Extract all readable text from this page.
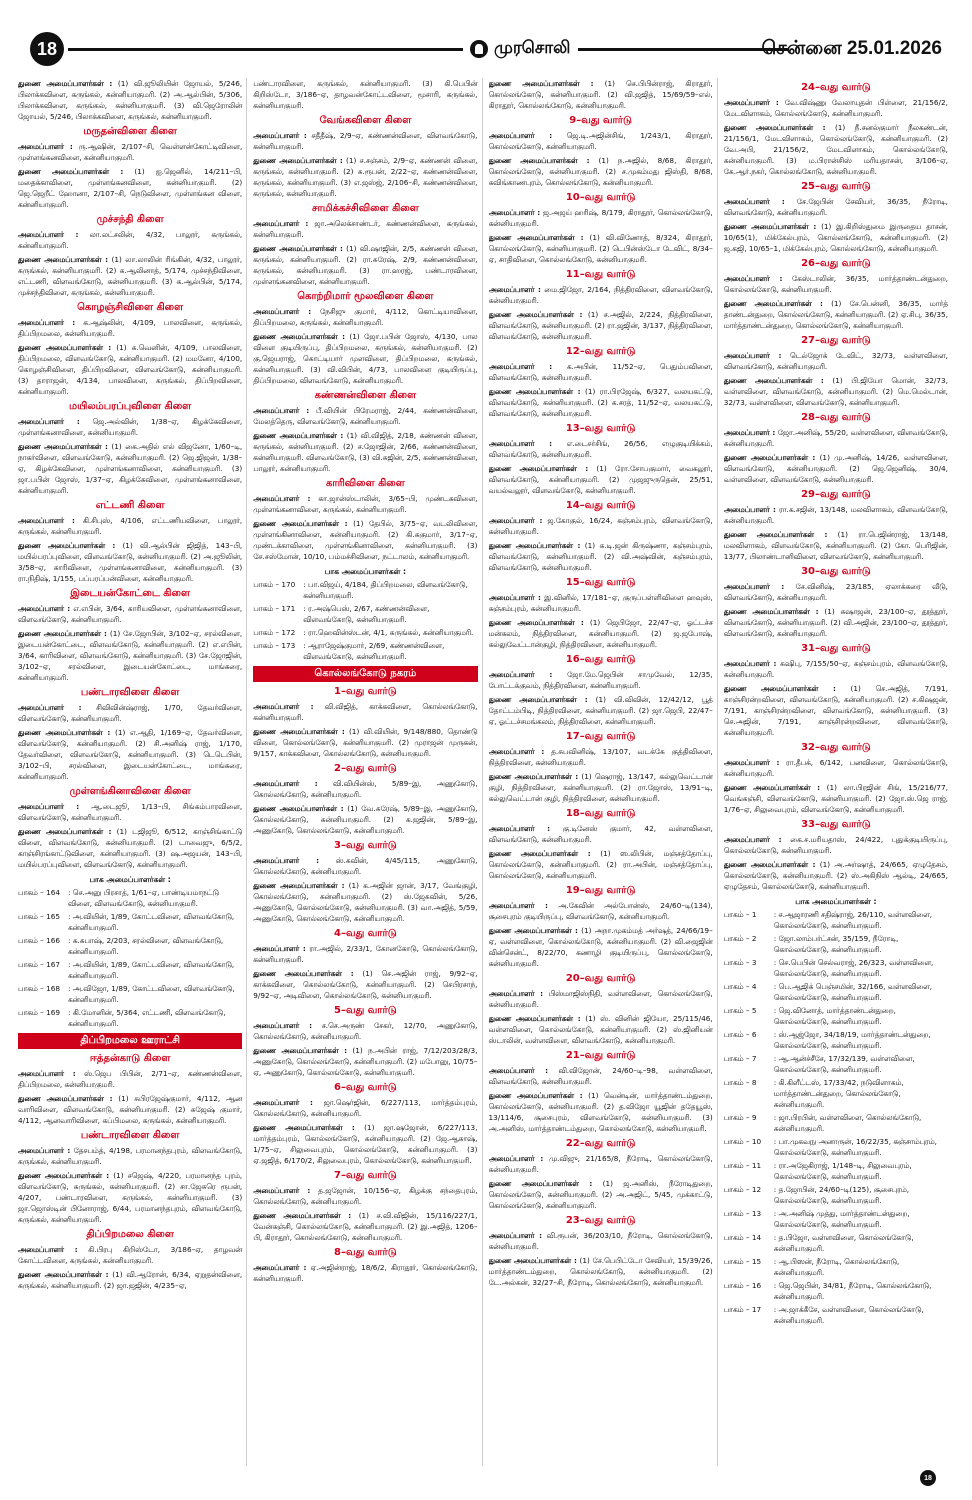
18	முரசொலி	சென்னை 25.01.2026
துணை அமைப்பாளர்கள் : (1) வி.ஜூலியின் ஜோயல், 5/246, பிலாக்கவிளை, கருங்கல், கன்னியாகுமரி. (2) அ.ஆல்பின், 5/306, பிலாக்கவிளை, கருங்கல், கன்னியாகுமரி. (3) வி.ஜெரோலின் ஜோயல், 5/246, பிலாக்கவிளை, கருங்கல், கன்னியாகுமரி.
மருதன்விளை கிளை
அமைப்பாளர் : ரு.ஆஷின், 2/107–சி, வெள்ளன்கோட்டிவிளை, முள்ளங்கனவிளை, கன்னியாகுமரி.
துணை அமைப்பாளர்கள் : (1) ஐ.ஜெனில், 14/211–பி, மதைக்காவிளை, முள்ளங்கனவிளை, கன்னியாகுமரி. (2) ஜெ.ஜெறீட் ஹோனா, 2/107–சி, நெடுவிளை, முள்ளங்கன விளை, கன்னியாகுமரி.
முச்சந்தி கிளை
அமைப்பாளர் : லா.லட்சலின், 4/32, பாலூர், கருங்கல், கன்னியாகுமரி.
துணை அமைப்பாளர்கள் : (1) லா.லாலின் ரிங்கின், 4/32, பாலூர், கருங்கல், கன்னியாகுமரி. (2) க.ஆலினாத், 5/174, முச்சந்திவிளை, எட்டணி, விளவங்கோடு, கன்னியாகுமரி. (3) க.ஆல்பின், 5/174, முச்சந்திவிளை, கருங்கல், கன்னியாகுமரி.
கொழஞ்சிவிளை கிளை
அமைப்பாளர் : க.ஆஷ்லின், 4/109, பாலவிளை, கருங்கல், திப்பிறமலை, கன்னியாகுமரி.
துணை அமைப்பாளர்கள் : (1) க.வெனின், 4/109, பாலவிளை, திப்பிறமலை, விளவங்கோடு, கன்னியாகுமரி. (2) மமனோ, 4/100, கொழஞ்சிவிளை, திப்பிறவிளை, விளவங்கோடு, கன்னியாகுமரி. (3) தாராஜன், 4/134, பாலவிளை, கருங்கல், திப்பிறவிளை, கன்னியாகுமரி.
மயிலம்பரப்புவிளை கிளை
அமைப்பாளர் : ஜெ.அல்வின், 1/38–ஏ, கிழக்கேவிளை, முள்ளங்கனாவிளை, கன்னியாகுமரி.
துணை அமைப்பாளர்கள் : (1) கை.அதில் எல் விஜனோ, 1/60–டி, நாகர்விளை, விளவங்கோடு, கன்னியாகுமரி. (2) ஜெ.ஜிஜன், 1/38–ஏ, கிழக்கேவிளை, முள்ளங்கனாவிளை, கன்னியாகுமரி. (3) ஜா.பபின் ஜோஸ், 1/37–ஏ, கிழக்கேவிளை, முள்ளங்கனாவிளை, கன்னியாகுமரி.
எட்டணி கிளை
அமைப்பாளர் : கி.சிபுஸ், 4/106, எட்டணியவிளை, பாலூர், கருங்கல், கன்னியாகுமரி.
துணை அமைப்பாளர்கள் : (1) வி.ஆல்பின் ஜிஜித், 143–பி, மயில்பரப்புவிளை, விளவங்கோடு, கன்னியாகுமரி. (2) அ.ஜூலின், 3/58–ஏ, காரிவிளை, முள்ளங்கனாவிளை, கன்னியாகுமரி. (3) ரா.நிதிஷ், 1/155, பப்பரப்பன்விளை, கன்னியாகுமரி.
இடையன்கோட்டை கிளை
அமைப்பாளர் : எ.எபின், 3/64, காரியவிளை, முள்ளங்கனாவிளை, விளவங்கோடு, கன்னியாகுமரி.
துணை அமைப்பாளர்கள் : (1) சே.ஜோபின், 3/102–ஏ, சரல்விளை, இடையன்கோட்டை, விளவங்கோடு, கன்னியாகுமரி. (2) எ.எபின், 3/64, காரிவிளை, விளவங்கோடு, கன்னியாகுமரி. (3) சே.ஜோஜின், 3/102–ஏ, சரல்விளை, இடையன்கோட்டை, மாங்கரை, கன்னியாகுமரி.
பண்டாரவிளை கிளை
அமைப்பாளர் : சிவிவின்ஷ்ராஜ், 1/70, தேவர்விளை, விளவங்கோடு, கன்னியாகுமரி.
துணை அமைப்பாளர்கள் : (1) எ.ஆதி, 1/169–ஏ, தேவர்விளை, விளவங்கோடு, கன்னியாகுமரி. (2) சி.அனிஷ் ராஜ், 1/170, தேவர்விளை, விளவங்கோடு, கன்னியாகுமரி. (3) டெடெபின், 3/102–பி, சரல்விளை, இடையன்கோட்டை, மாங்கரை, கன்னியாகுமரி.
முள்ளங்கினாவிளை கிளை
அமைப்பாளர் : ஆ.டைஜூ, 1/13–பி, சிங்கம்பாரவிளை, விளவங்கோடு, கன்னியாகுமரி.
துணை அமைப்பாளர்கள் : (1) டஜிஜூ, 6/512, காஞ்சிங்காட்டு விளை, விளவங்கோடு, கன்னியாகுமரி. (2) டாவைஜு, 6/5/2, காஞ்சிரங்காட்டுவிளை, கன்னியாகுமரி. (3) ஷ.அஜயன், 143–பி, மயில்பரப்புவிளை, விளவங்கோடு, கன்னியாகுமரி.
பாக அமைப்பாளர்கள் :
பாகம் – 164	: செ.அனு பிரசாத், 1/61–ஏ, பாண்டியமாநட்டு விளை, விளவங்கோடு, கன்னியாகுமரி.
பாகம் – 165	: அ.வியின், 1/89, கோட்டவிளை, விளவங்கோடு, கன்னியாகுமரி.
பாகம் – 166	: க.கபாஷ், 2/203, சரல்விளை, விளவங்கோடு, கன்னியாகுமரி.
பாகம் – 167	: அ.வியின், 1/89, கோட்டவிளை, விளவங்கோடு, கன்னியாகுமரி.
பாகம் – 168	: அ.விஜோ, 1/89, கோட்டவிளை, விளவங்கோடு, கன்னியாகுமரி.
பாகம் – 169	: கி.மோனின், 5/364, எட்டணி, விளவங்கோடு, கன்னியாகுமரி.
திப்பிறமலை ஊராட்சி
ஈத்தன்காடு கிளை
அமைப்பாளர் : ஸ்.ஜெப பிபின், 2/71–ஏ, கண்ணன்விளை, திப்பிறமலை, கன்னியாகுமரி.
துணை அமைப்பாளர்கள் : (1) சுபிரஜேஷ்குமார், 4/112, ஆன வாரிவிளை, விளவங்கோடு, கன்னியாகுமரி. (2) சுஜேஷ் குமார், 4/112, ஆனவாரிவிளை, கப்பிமலை, கருங்கல், கன்னியாகுமரி.
பண்டாரவிளை கிளை
அமைப்பாளர் : தேசபம்த், 4/198, பரமானந்தபுரம், விளவங்கோடு, கருங்கல், கன்னியாகுமரி.
துணை அமைப்பாளர்கள் : (1) சஜெஷ், 4/220, பரமானந்த புரம், விளவங்கோடு, கருங்கல், கன்னியாகுமரி. (2) சா.ஜேசுரெ ரூபன், 4/207, பண்டாரவிளை, கருங்கல், கன்னியாகுமரி. (3) ஜா.ஜொஸ்டின் பினோராஜ், 6/44, பரமானந்தபுரம், விளவங்கோடு, கருங்கல், கன்னியாகுமரி.
திப்பிறமலை கிளை
அமைப்பாளர் : கி.பிரபு கிறிஸ்டோ, 3/186–ஏ, தாழவன் கோட்டவிளை, கருங்கல், கன்னியாகுமரி.
துணை அமைப்பாளர்கள் : (1) வி.ஆரோன், 6/34, ஏறுதன்விளை, கருங்கல், கன்னியாகுமரி. (2) ஜா.ஜஜின், 4/235–ஏ,
பண்டாரவிளை, கருங்கல், கன்னியாகுமரி. (3) கி.பெபின் கிறிஸ்டோ, 3/186–ஏ, தாழவன்கோட்டவிளை, மூசாரி, கருங்கல், கன்னியாகுமரி.
வேங்கவிளை கிளை
அமைப்பாளர் : சதீதீஷ், 2/9–ஏ, கண்ணன்விளை, விளவங்கோடு, கன்னியாகுமரி.
துணை அமைப்பாளர்கள் : (1) ச.சஞ்சம், 2/9–ஏ, கண்ணன் விளை, கருங்கல், கன்னியாகுமரி. (2) சு.ரூபன், 2/22–ஏ, கண்ணன்விளை, கருங்கல், கன்னியாகுமரி. (3) எ.ஜஸ்ஜ், 2/106–சி, கண்ணன்விளை, கருங்கல், கன்னியாகுமரி.
சாமிக்கச்சிவிளை கிளை
அமைப்பாளர் : ஜா.அலெக்சாண்டர், கண்ணன்விளை, கருங்கல், கன்னியாகுமரி.
துணை அமைப்பாளர்கள் : (1) வி.ஷாஜின், 2/5, கண்ணன் விளை, கருங்கல், கன்னியாகுமரி. (2) ரா.சுரேஷ், 2/9, கண்ணன்விளை, கருங்கல், கன்னியாகுமரி. (3) ரா.ஹரஜ், பண்டாரவிளை, முள்ளங்கனவிளை, கன்னியாகுமரி.
கொற்றிமார் மூலவிளை கிளை
அமைப்பாளர் : நேசிஜு குமார், 4/112, கொட்டியாவிளை, திப்பிறமலை, கருங்கல், கன்னியாகுமரி.
துணை அமைப்பாளர்கள் : (1) ஜோ.பபின் ஜோஸ், 4/130, பால விளை குடியிருப்பு, திப்பிறமலை, கருங்கல், கன்னியாகுமரி. (2) கு.ஜெயராஜ், கொட்டியார் முளவிளை, திப்பிறமலை, கருங்கல், கன்னியாகுமரி. (3) வி.விபின், 4/73, பாலவிளை குடியிருப்பு, திப்பிறமலை, விளவங்கோடு, கன்னியாகுமரி.
கண்ணன்விளை கிளை
அமைப்பாளர் : பீ.வியின் பிரேமராஜ், 2/44, கண்ணன்விளை, மேலத்தெரு, விளவங்கோடு, கன்னியாகுமரி.
துணை அமைப்பாளர்கள் : (1) வி.விஜித், 2/18, கண்ணன் விளை, கருங்கல், கன்னியாகுமரி. (2) ச.ஜோஜின், 2/66, கண்ணன்விளை, கன்னியாகுமரி. விளவங்கோடு, (3) வி.சுஜின், 2/5, கண்ணன்விளை, பாலூர், கன்னியாகுமரி.
காரிவிளை கிளை
அமைப்பாளர் : கா.ஜான்ஸ்டாலின், 3/65–பி, முண்டகவிளை, முள்ளங்கனாவிளை, கருங்கல், கன்னியாகுமரி.
துணை அமைப்பாளர்கள் : (1) தேபில், 3/75–ஏ, வடலிவிளை, முள்ளங்கினாவிளை, கன்னியாகுமரி. (2) கி.சுகுமார், 3/17–ஏ, முண்டக்காவிளை, முள்ளங்கினாவிளை, கன்னியாகுமரி. (3) சே.சஸ்மோன், 10/10, பம்மச்சிவிளை, நட்டாலம், கன்னியாகுமரி.
பாக அமைப்பாளர்கள் :
பாகம் – 170	: பா.விஜய், 4/184, திப்பிறமலை, விளவங்கோடு, கன்னியாகுமரி.
பாகம் – 171	: ர.அஷ்பெஸ், 2/67, கண்ணன்விளை, விளவங்கோடு, கன்னியாகுமரி.
பாகம் – 172	: ரா.ஹெவின்ஸ்டன், 4/1, கருங்கல், கன்னியாகுமரி.
பாகம் – 173	: ஆராஜேஷ்குமார், 2/69, கண்ணன்விளை, விளவங்கோடு, கன்னியாகுமரி.
கொல்லங்கோடு நகரம்
1–வது வார்டு
அமைப்பாளர் : வி.விஜித், காக்கவிளை, கொல்லங்கோடு, கன்னியாகுமரி.
துணை அமைப்பாளர்கள் : (1) வி.வியின், 9/148/880, தொண்டு விளை, கொல்லங்கோடு, கன்னியாகுமரி. (2) முராஜன் முருகன், 9/157, காக்கவிளை, கொல்லங்கோடு, கன்னியாகுமரி.
2–வது வார்டு
அமைப்பாளர் : வி.வியின்ஸ், 5/89–இ, அணுகோடு, கொல்லங்கோடு, கன்னியாகுமரி.
துணை அமைப்பாளர்கள் : (1) வே.சுரேஷ், 5/89–இ, அணுகோடு, கொல்லங்கோடு, கன்னியாகுமரி. (2) க.ஜஜின், 5/89–இ, அணுகோடு, கொல்லங்கோடு, கன்னியாகுமரி.
3–வது வார்டு
அமைப்பாளர் : ஸ்.சுவின், 4/45/115, அணுகோடு, கொல்லங்கோடு, கன்னியாகுமரி.
துணை அமைப்பாளர்கள் : (1) க.அஜின் ஜான், 3/17, வேங்குழி, கொல்லங்கோடு, கன்னியாகுமரி. (2) ஸ்.ஜேசுவின், 5/26, அணுகோடு, கொல்லங்கோடு, கன்னியாகுமரி. (3) வா.அஜித், 5/59, அணுகோடு, கொல்லங்கோடு, கன்னியாகுமரி.
4–வது வார்டு
அமைப்பாளர் : ரா.அஜில், 2/33/1, கோனகோடு, கொல்லங்கோடு, கன்னியாகுமரி.
துணை அமைப்பாளர்கள் : (1) செ.அஜின் ராஜ், 9/92–ஏ, காக்கவிளை, கொல்லங்கோடு, கன்னியாகுமரி. (2) செபிரசாந், 9/92–ஏ, அடிவிளை, கொல்லங்கோடு, கன்னியாகுமரி.
5–வது வார்டு
அமைப்பாளர் : ச.செ.அருண் சேகர், 12/70, அணுகோடு, கொல்லங்கோடு, கன்னியாகுமரி.
துணை அமைப்பாளர்கள் : (1) ந.அபின் ராஜ், 7/12/203/28/3, அணுகோடு, கொல்லங்கோடு, கன்னியாகுமரி. (2) மபோனு, 10/75–ஏ, அணுகோடு, கொல்லங்கோடு, கன்னியாகுமரி.
6–வது வார்டு
அமைப்பாளர் : ஜா.ஷெர்ஜின், 6/227/113, மார்த்தம்புரம், கொல்லங்கோடு, கன்னியாகுமரி.
துணை அமைப்பாளர்கள் : (1) ஜா.ஷஜோன், 6/227/113, மார்த்தம்புரம், கொல்லங்கோடு, கன்னியாகுமரி. (2) ஜே.ஆகாஷ், 1/75–ஏ, சிலுவைபுரம், கொல்லங்கோடு, கன்னியாகுமரி. (3) ஏ.ஜஜித், 6/170/2, சிலுவைபுரம், கொல்லங்கோடு, கன்னியாகுமரி.
7–வது வார்டு
அமைப்பாளர் : த.ஜஜோன், 10/156–ஏ, கிழக்கு சந்தைபுரம், கொல்லங்கோடு, கன்னியாகுமரி.
துணை அமைப்பாளர்கள் : (1) ச.வி.விஜின், 15/116/227/1, வேன்கஞ்சி, கொல்லங்கோடு, கன்னியாகுமரி. (2) இ.அஜித், 1206–பி, கிராதூர், கொல்லங்கோடு, கன்னியாகுமரி.
8–வது வார்டு
அமைப்பாளர் : ஏ.அஜின்ராஜ், 18/6/2, கிராதூர், கொல்லங்கோடு, கன்னியாகுமரி.
துணை அமைப்பாளர்கள் : (1) செ.பிபின்ராஜ், கிராதூர், கொல்லங்கோடு, கன்னியாகுமரி. (2) வி.ஜஜித், 15/69/59–எல், கிராதூர், கொல்லங்கோடு, கன்னியாகுமரி.
9–வது வார்டு
அமைப்பாளர் : ஜெ.டி.அஜின்சிங், 1/243/1, கிராதூர், கொல்லங்கோடு, கன்னியாகுமரி.
துணை அமைப்பாளர்கள் : (1) ந.அஜில், 8/68, கிராதூர், கொல்லங்கோடு, கன்னியாகுமரி. (2) ச.முகம்மது ஜிஸ்தி, 8/68, கவிங்காணபுரம், கொல்லங்கோடு, கன்னியாகுமரி.
10–வது வார்டு
அமைப்பாளர் : ஜ.அஜய் ஹரிஷ், 8/179, கிராதூர், கொல்லங்கோடு, கன்னியாகுமரி.
துணை அமைப்பாளர்கள் : (1) வி.விணோத், 8/324, கிராதூர், கொல்லங்கோடு, கன்னியாகுமரி. (2) டெபின்ஸ்டோ டேவிட், 8/34–ஏ, சாதிவிளை, கொல்லங்கோடு, கன்னியாகுமரி.
11–வது வார்டு
அமைப்பாளர் : மை.ஜிஜோ, 2/164, நித்திரவிளை, விளவங்கோடு, கன்னியாகுமரி.
துணை அமைப்பாளர்கள் : (1) ச.அஜில், 2/224, நித்திரவிளை, விளவங்கோடு, கன்னியாகுமரி. (2) ரா.ஜஜின், 3/137, நித்திரவிளை, விளவங்கோடு, கன்னியாகுமரி.
12–வது வார்டு
அமைப்பாளர் : க.அபின், 11/52–ஏ, பெதும்பவிளை, விளவங்கோடு, கன்னியாகுமரி.
துணை அமைப்பாளர்கள் : (1) ரா.பிரஜேஷ், 6/327, வலயகட்டு, விளவங்கோடு, கன்னியாகுமரி. (2) க.சரத், 11/52–ஏ, வலயகட்டு, விளவங்கோடு, கன்னியாகுமரி.
13–வது வார்டு
அமைப்பாளர் : எ.டைசர்சிங், 26/56, எழுகுடியிக்கம், விளவங்கோடு, கன்னியாகுமரி.
துணை அமைப்பாளர்கள் : (1) ரோ.சோபகுமார், வைகலூர், விளவங்கோடு, கன்னியாகுமரி. (2) முஜஜுருதென், 25/51, வயல்வலூர், விளவங்கோடு, கன்னியாகுமரி.
14–வது வார்டு
அமைப்பாளர் : ஜ.கோகுல், 16/24, கஞ்சம்புரம், விளவங்கோடு, கன்னியாகுமரி.
துணை அமைப்பாளர்கள் : (1) க.டி.ஜன் கிருஷ்ணா, கஞ்சம்புரம், விளவங்கோடு, கன்னியாகுமரி. (2) வி.அஷ்வின், கஞ்சம்புரம், விளவங்கோடு, கன்னியாகுமரி.
15–வது வார்டு
அமைப்பாளர் : இ.வினில், 17/181–ஏ, குருப்பள்ளிவிளை ஹவுஸ், கஞ்சம்புரம், கன்னியாகுமரி.
துணை அமைப்பாளர்கள் : (1) ஜெபிஜோ, 22/47–ஏ, ஓட்டச்ச மன்கலம், நித்திரவிளை, கன்னியாகுமரி. (2) ஜ.ஜபோஷ், கல்லுவேட்டான்குழி, நித்திரவிளை, கன்னியாகுமரி.
16–வது வார்டு
அமைப்பாளர் : ஜோ.மே.ஜெபின் சாமுவேல், 12/35, போட்டக்குவம், நித்திரவிளை, கன்னியாகுமரி.
துணை அமைப்பாளர்கள் : (1) வி.விவின், 12/42/12, பூத் தோட்டம்பிடி, நித்திரவிளை, கன்னியாகுமரி. (2) ஜா.ஜெபி, 22/47–ஏ, ஓட்டச்சமங்கலம், நித்திரவிளை, கன்னியாகுமரி.
17–வது வார்டு
அமைப்பாளர் : த.சுபவினிஷ், 13/107, வடக்கே குத்திவிளை, நித்திரவிளை, கன்னியாகுமரி.
துணை அமைப்பாளர்கள் : (1) ஷெராஜ், 13/147, கல்லுவெட்டான் குழி, நித்திரவிளை, கன்னியாகுமரி. (2) ரா.ஜோஸ், 13/91–டி, கல்லுவெட்டான் குழி, நித்திரவிளை, கன்னியாகுமரி.
18–வது வார்டு
அமைப்பாளர் : கு.டினேஸ் குமார், 42, வள்ளவிளை, விளவங்கோடு, கன்னியாகுமரி.
துணை அமைப்பாளர்கள் : (1) ஸ.லிபின், மஞ்சத்தோப்பு, கொல்லங்கோடு, கன்னியாகுமரி. (2) ரா.அபின், மஞ்சத்தோப்பு, கொல்லங்கோடு, கன்னியாகுமரி.
19–வது வார்டு
அமைப்பாளர் : அ.கேவின் அல்போன்ஸ், 24/60–டி(134), சூசைபுரம் குடியிருப்பு, விளவங்கோடு, கன்னியாகுமரி.
துணை அமைப்பாளர்கள் : (1) அநா.முகம்மத் அர்ஷத், 24/66/19–ஏ, வள்ளவிளை, கொல்லங்கோடு, கன்னியாகுமரி. (2) வி.ஜைஜின் வின்சென்ட், 8/22/70, கணாழி குடியிருப்பு, கொல்லங்கோடு, கன்னியாகுமரி.
20–வது வார்டு
அமைப்பாளர் : பிஸ்மாஜிஸ்நிதி, வள்ளவிளை, கொல்லங்கோடு, கன்னியாகுமரி.
துணை அமைப்பாளர்கள் : (1) ஸ். வினின் ஜியோ, 25/115/46, வள்ளவிளை, கொல்லங்கோடு, கன்னியாகுமரி. (2) ஸ்.ஜினியன் ஸ்டாலின், வள்ளவிளை, விளவங்கோடு, கன்னியாகுமரி.
21–வது வார்டு
அமைப்பாளர் : வி.விஜோன், 24/60–டி–98, வள்ளவிளை, விளவங்கோடு, கன்னியாகுமரி.
துணை அமைப்பாளர்கள் : (1) வென்டின், மார்த்தாண்டம்துறை, கொல்லங்கோடு, கன்னியாகுமரி. (2) த.விஜோ யூஜின் ததேயூஸ், 13/114/6, சூசைபுரம், விளவங்கோடு, கன்னியாகுமரி. (3) அ.அனிஸ், மார்த்தாண்டம்துறை, கொல்லங்கோடு, கன்னியாகுமரி.
22–வது வார்டு
அமைப்பாளர் : மு.விஜு, 21/165/8, நீரோடி, கொல்லங்கோடு, கன்னியாகுமரி.
துணை அமைப்பாளர்கள் : (1) ஜ.அனிஸ், நீரோடிதுறை, கொல்லங்கோடு, கன்னியாகுமரி. (2) அ.அஜிட், 5/45, முக்காட்டு, கொல்லங்கோடு, கன்னியாகுமரி.
23–வது வார்டு
அமைப்பாளர் : வி.ரூபன், 36/203/10, நீரோடி, கொல்லங்கோடு, கன்னியாகுமரி.
துணை அமைப்பாளர்கள் : (1) சே.பெபிட்டோ சேவியர், 15/39/26, மார்த்தாண்டம்துறை, கொல்லங்கோடு, கன்னியாகுமரி. (2) டே.அல்கன், 32/27–சி, நீரோடி, கொல்லங்கோடு, கன்னியாகுமரி.
24–வது வார்டு
அமைப்பாளர் : வே.விஷ்ணு வேலாயுதன் பிள்ளை, 21/156/2, மேடவிளாகம், கொல்லங்கோடு, கன்னியாகுமரி.
துணை அமைப்பாளர்கள் : (1) நீ.சனல்குமார் நீலகண்டன், 21/156/1, மேடவிளாகம், கொல்லங்கோடு, கன்னியாகுமரி. (2) வே.அபி, 21/156/2, மேடவிளாகம், கொல்லங்கோடு, கன்னியாகுமரி. (3) ம.பிரான்சிஸ் மரியதாசன், 3/106–ஏ, கே.ஆர்.நகர், கொல்லங்கோடு, கன்னியாகுமரி.
25–வது வார்டு
அமைப்பாளர் : சே.ஜேபின் சேவியர், 36/35, நீரோடி, விளவங்கோடு, கன்னியாகுமரி.
துணை அமைப்பாளர்கள் : (1) இ.கிறிஸ்துமை இருதைய தாசன், 10/65(1), மிக்கேல்புரம், கொல்லங்கோடு, கன்னியாகுமரி. (2) ஜ.கஜி, 10/65–1, மிக்கேல்புரம், கொல்லங்கோடு, கன்னியாகுமரி.
26–வது வார்டு
அமைப்பாளர் : கேஸ்டாலின், 36/35, மார்த்தாண்டன்துறை, கொல்லங்கோடு, கன்னியாகுமரி.
துணை அமைப்பாளர்கள் : (1) சே.பென்னி, 36/35, மார்த் தாண்டன்துறை, கொல்லங்கோடு, கன்னியாகுமரி. (2) ஏ.சிபு, 36/35, மார்த்தாண்டன்துறை, கொல்லங்கோடு, கன்னியாகுமரி.
27–வது வார்டு
அமைப்பாளர் : டெல்ஜோக் டேவிட், 32/73, வள்ளவிளை, விளவங்கோடு, கன்னியாகுமரி.
துணை அமைப்பாளர்கள் : (1) பி.ஜியோ மொன், 32/73, வள்ளவிளை, விளவங்கோடு, கன்னியாகுமரி. (2) மெ.மெல்டான், 32/73, வள்ளவிளை, விளவங்கோடு, கன்னியாகுமரி.
28–வது வார்டு
அமைப்பாளர் : ஜோ.அனிஷ், 55/20, வள்ளவிளை, விளவங்கோடு, கன்னியாகுமரி.
துணை அமைப்பாளர்கள் : (1) மு.அனிஷ், 14/26, வள்ளவிளை, விளவங்கோடு, கன்னியாகுமரி. (2) ஜெ.ஜெனிஷ், 30/4, வள்ளவிளை, விளவங்கோடு, கன்னியாகுமரி.
29–வது வார்டு
அமைப்பாளர் : ரா.க.சஜின், 13/148, மலவிளாகம், விளவங்கோடு, கன்னியாகுமரி.
துணை அமைப்பாளர்கள் : (1) ரா.பெஜின்ராஜ், 13/148, மலவிளாகம், விளவங்கோடு, கன்னியாகுமரி. (2) கோ. பெரிஜின், 13/77, பிலாண்டானிவிளை, விளவங்கோடு, கன்னியாகுமரி.
30–வது வார்டு
அமைப்பாளர் : சே.வினிஷ், 23/185, ஏலாக்கரை வீடு, விளவங்கோடு, கன்னியாகுமரி.
துணை அமைப்பாளர்கள் : (1) சுஷாஜன், 23/100–ஏ, தூத்தூர், விளவங்கோடு, கன்னியாகுமரி. (2) வி.அஜின், 23/100–ஏ, தூத்தூர், விளவங்கோடு, கன்னியாகுமரி.
31–வது வார்டு
அமைப்பாளர் : சுஷிபு, 7/155/50–ஏ, கஞ்சம்புரம், விளவங்கோடு, கன்னியாகுமரி.
துணை அமைப்பாளர்கள் : (1) செ.அஜித், 7/191, காஞ்சிரன்றவிளை, விளவங்கோடு, கன்னியாகுமரி. (2) ச.கிஷஜன், 7/191, காஞ்சிரன்றவிளை, விளவங்கோடு, கன்னியாகுமரி. (3) செ.அஜின், 7/191, காஞ்சிரன்றவிளை, விளவங்கோடு, கன்னியாகுமரி.
32–வது வார்டு
அமைப்பாளர் : ரா.தீபக், 6/142, பனவிளை, கொல்லங்கோடு, கன்னியாகுமரி.
துணை அமைப்பாளர்கள் : (1) லா.பிரஜின் சிங், 15/216/77, வெங்கஞ்சி, விளவங்கோடு, கன்னியாகுமரி. (2) ஜோ.ஸ்.ஜெ ராஜ், 1/76–ஏ, சிலுவைபுரம், விளவங்கோடு, கன்னியாகுமரி.
33–வது வார்டு
அமைப்பாளர் : கை.ச.மரியதாஸ், 24/422, புதுக்குடியிருப்பு, கொல்லங்கோடு, கன்னியாகுமரி.
துணை அமைப்பாளர்கள் : (1) அ.அர்ஷாத், 24/665, ஏழுதேசம், கொல்லங்கோடு, கன்னியாகுமரி. (2) ஸ்.அகிநிஸ் ஆல்டி, 24/665, ஏழுதேசம், கொல்லங்கோடு, கன்னியாகுமரி.
பாக அமைப்பாளர்கள் :
பாகம் – 1	: ச.ஆஜாரணி சதிஷ்ராஜ், 26/110, வள்ளவிளை, கொல்லங்கோடு, கன்னியாகுமரி.
பாகம் – 2	: ஜோ.லாம்பர்ட்சன், 35/159, நீரோடி, கொல்லங்கோடு, கன்னியாகுமரி.
பாகம் – 3	: செ.பெபின் செல்வராஜ், 26/323, வள்ளவிளை, கொல்லங்கோடு, கன்னியாகுமரி.
பாகம் – 4	: பெ.ஆஜிக் பெஞ்சமின், 32/166, வள்ளவிளை, கொல்லங்கோடு, கன்னியாகுமரி.
பாகம் – 5	: ஜெ.வினோத், மார்த்தாண்டன்துறை, கொல்லங்கோடு, கன்னியாகுமரி.
பாகம் – 6	: ஸ்.ஆஜ்ஜோ, 34/18/19, மார்த்தாண்டன்துறை, கொல்லங்கோடு, கன்னியாகுமரி.
பாகம் – 7	: ஆ.ஆன்ச்சீசே, 17/32/139, வள்ளவிளை, கொல்லங்கோடு, கன்னியாகுமரி.
பாகம் – 8	: கி.கிளீட்டஸ், 17/33/42, நடுவிளாகம், மார்த்தாண்டன்துறை, கொல்லங்கோடு, கன்னியாகுமரி.
பாகம் – 9	: ஜா.பிரபின், வள்ளவிளை, கொல்லங்கோடு, கன்னியாகுமரி.
பாகம் – 10	: பா.முகவநு அனாருன், 16/22/35, கஞ்சாம்புரம், கொல்லங்கோடு, கன்னியாகுமரி.
பாகம் – 11	: ரா.அஜேகிராஜ், 1/148–டி, சிலுவைபுரம், கொல்லங்கோடு, கன்னியாகுமரி.
பாகம் – 12	: த.ஜோபின், 24/60–டி(125), சூசைபுரம், கொல்லங்கோடு, கன்னியாகுமரி.
பாகம் – 13	: அ.அனிஷ் முத்து, மார்த்தாண்டன்துறை, கொல்லங்கோடு, கன்னியாகுமரி.
பாகம் – 14	: த.பிஜோ, வள்ளவிளை, கொல்லங்கோடு, கன்னியாகுமரி.
பாகம் – 15	: ஆ.பிஸன், நீரோடி, கொல்லங்கோடு, கன்னியாகுமரி.
பாகம் – 16	: ஜெ.ஜெபின், 34/81, நீரோடி, கொல்லங்கோடு, கன்னியாகுமரி.
பாகம் – 17	: அ.ஜாக்கீசே, வள்ளவிளை, கொல்லங்கோடு, கன்னியாகுமரி.
18
